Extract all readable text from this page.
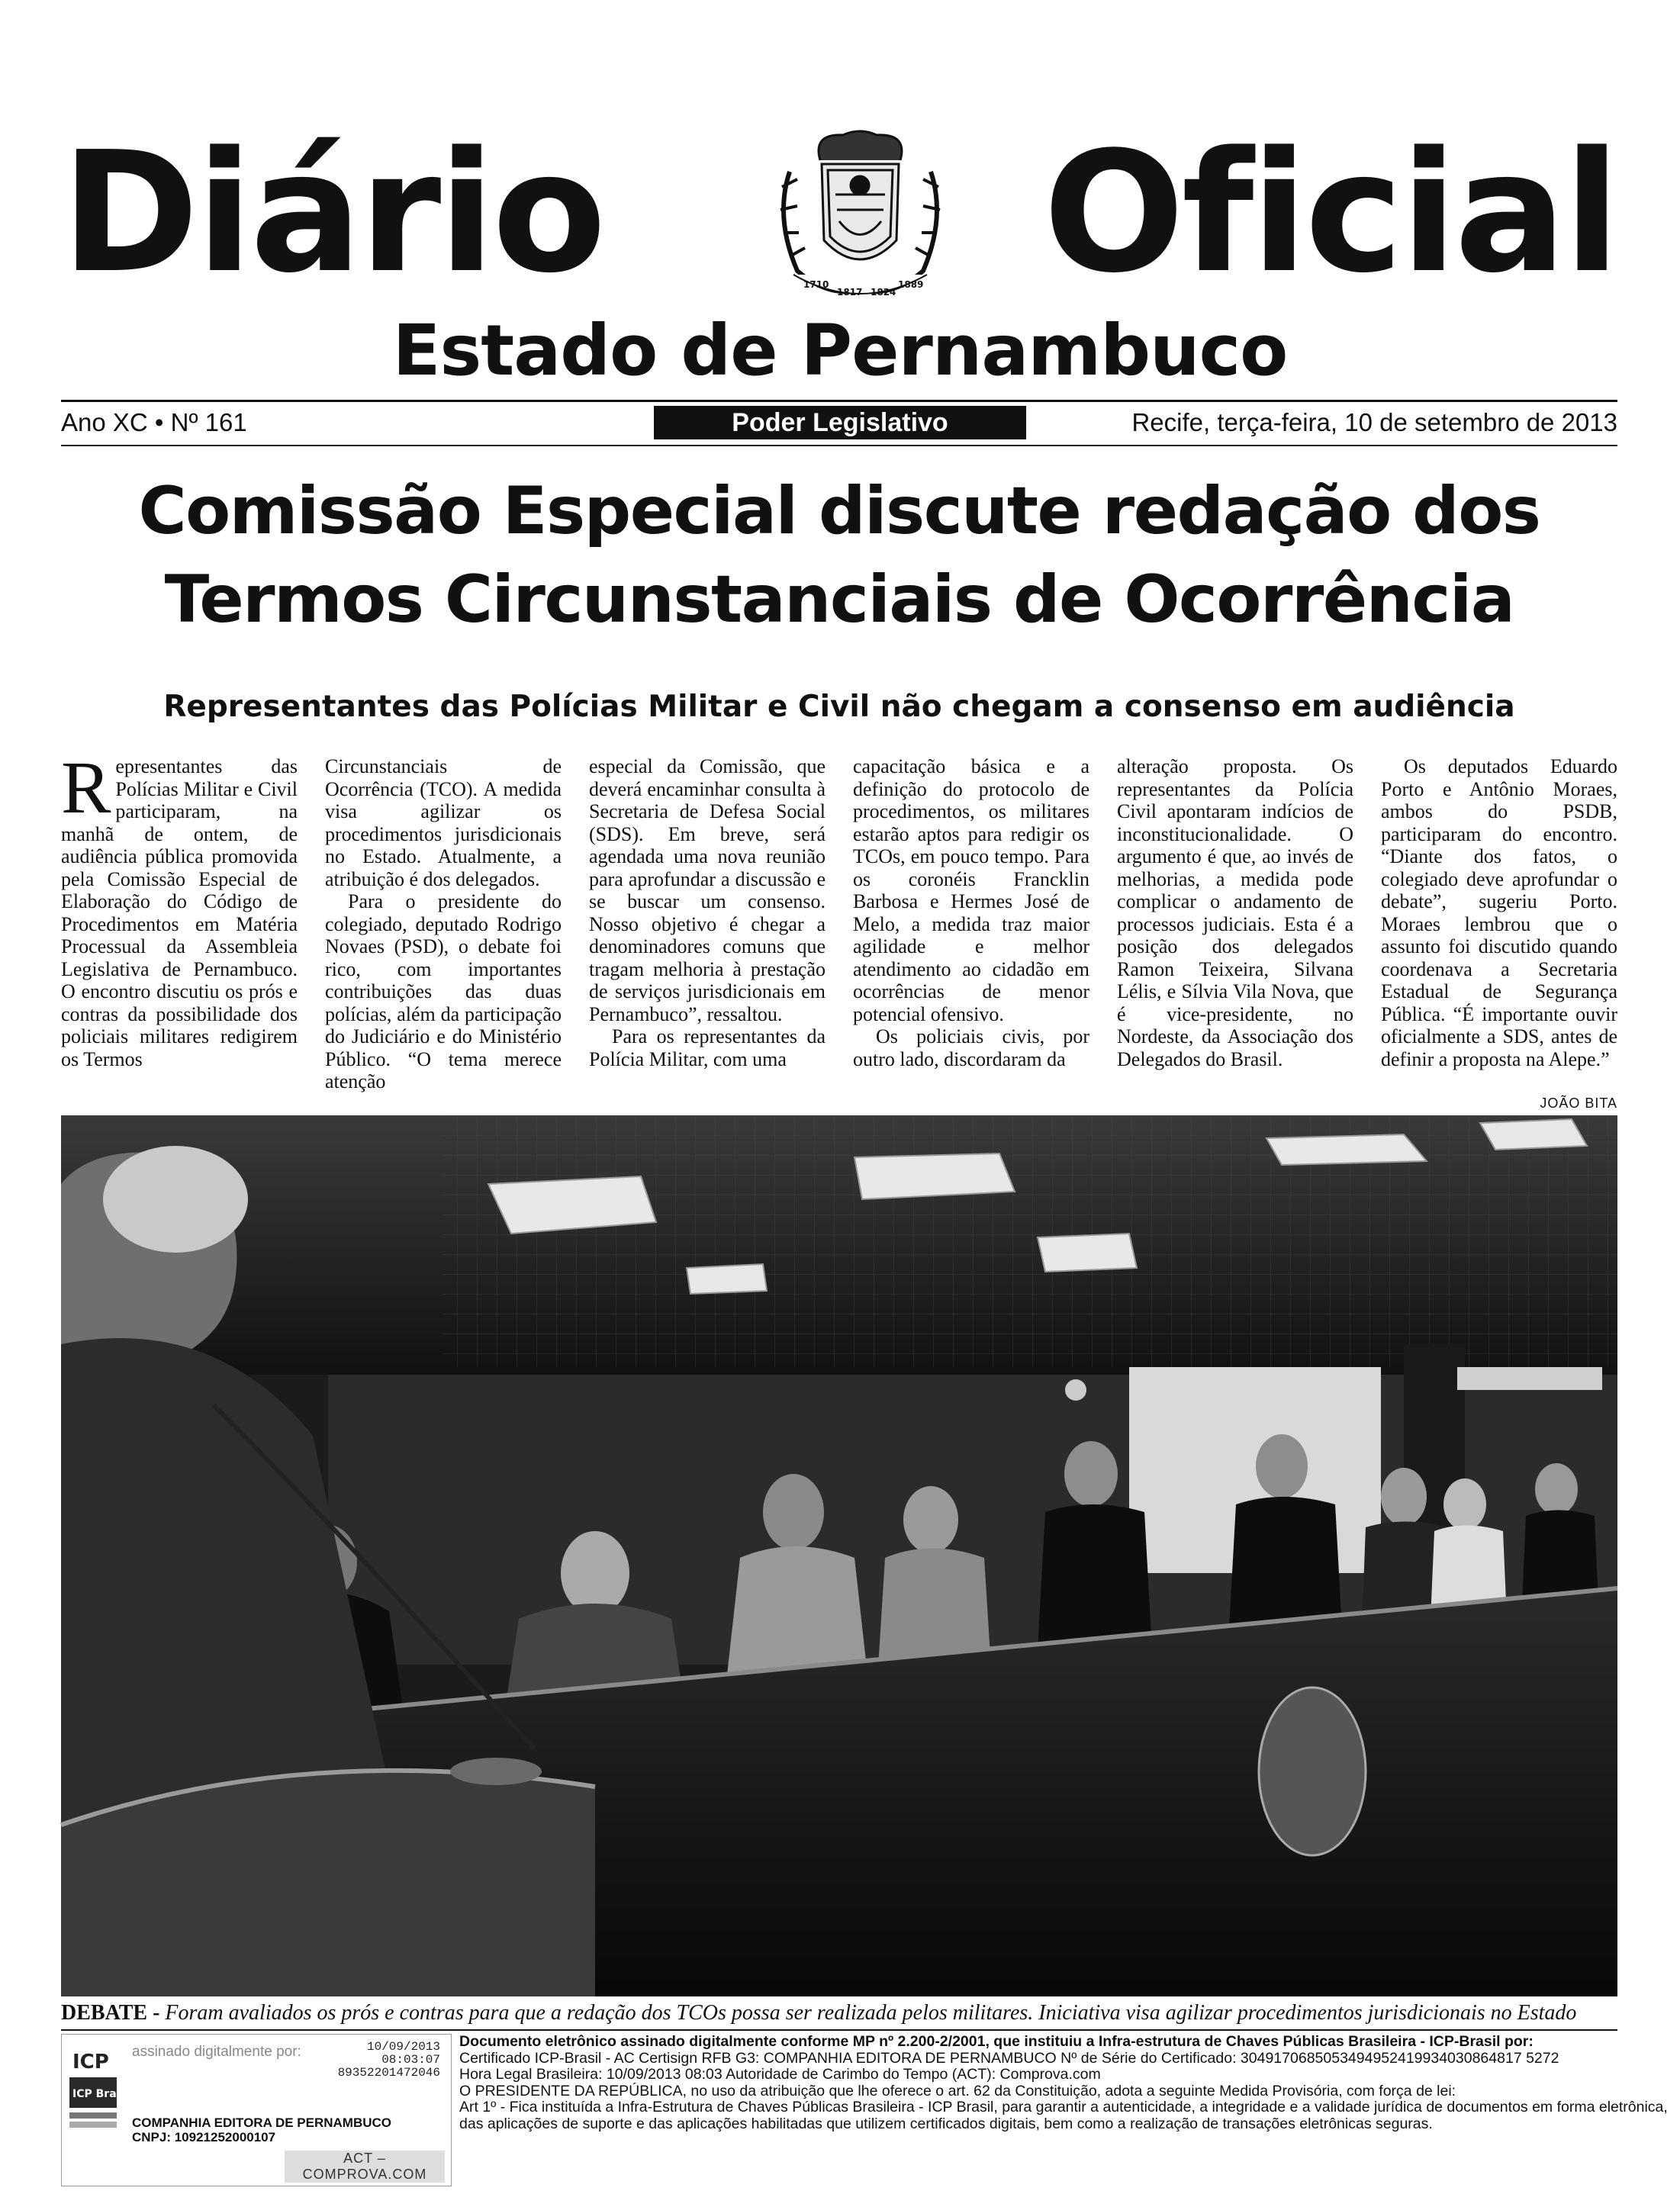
Diário	1710
1817 1824
1889 Oficial
Estado de Pernambuco
Ano XC • Nº 161	Poder Legislativo	Recife, terça-feira, 10 de setembro de 2013
Comissão Especial discute redação dos
Termos Circunstanciais de Ocorrência
Representantes das Polícias Militar e Civil não chegam a consenso em audiência

Representantes das Polícias Militar e Civil participaram, na manhã de ontem, de audiência pública promovida pela Comissão Especial de Elaboração do Código de Procedimentos em Matéria Processual da Assembleia Legislativa de Pernambuco. O encontro discutiu os prós e contras da possibilidade dos policiais militares redigirem os Termos

Circunstanciais de Ocorrência (TCO). A medida visa agilizar os procedimentos jurisdicionais no Estado. Atualmente, a atribuição é dos delegados.

Para o presidente do colegiado, deputado Rodrigo Novaes (PSD), o debate foi rico, com importantes contribuições das duas polícias, além da participação do Judiciário e do Ministério Público. “O tema merece atenção

especial da Comissão, que deverá encaminhar consulta à Secretaria de Defesa Social (SDS). Em breve, será agendada uma nova reunião para aprofundar a discussão e se buscar um consenso. Nosso objetivo é chegar a denominadores comuns que tragam melhoria à prestação de serviços jurisdicionais em Pernambuco”, ressaltou.

Para os representantes da Polícia Militar, com uma

capacitação básica e a definição do protocolo de procedimentos, os militares estarão aptos para redigir os TCOs, em pouco tempo. Para os coronéis Francklin Barbosa e Hermes José de Melo, a medida traz maior agilidade e melhor atendimento ao cidadão em ocorrências de menor potencial ofensivo.

Os policiais civis, por outro lado, discordaram da

alteração proposta. Os representantes da Polícia Civil apontaram indícios de inconstitucionalidade. O argumento é que, ao invés de melhorias, a medida pode complicar o andamento de processos judiciais. Esta é a posição dos delegados Ramon Teixeira, Silvana Lélis, e Sílvia Vila Nova, que é vice-presidente, no Nordeste, da Associação dos Delegados do Brasil.

Os deputados Eduardo Porto e Antônio Moraes, ambos do PSDB, participaram do encontro. “Diante dos fatos, o colegiado deve aprofundar o debate”, sugeriu Porto. Moraes lembrou que o assunto foi discutido quando coordenava a Secretaria Estadual de Segurança Pública. “É importante ouvir oficialmente a SDS, antes de definir a proposta na Alepe.”

JOÃO BITA
DEBATE - Foram avaliados os prós e contras para que a redação dos TCOs possa ser realizada pelos militares. Iniciativa visa agilizar procedimentos jurisdicionais no Estado
ICP
ICP Brasil
assinado digitalmente por:	10/09/2013
08:03:07
89352201472046
COMPANHIA EDITORA DE PERNAMBUCO
CNPJ: 10921252000107
ACT – COMPROVA.COM
Documento eletrônico assinado digitalmente conforme MP nº 2.200-2/2001, que instituiu a Infra-estrutura de Chaves Públicas Brasileira - ICP-Brasil por:
Certificado ICP-Brasil - AC Certisign RFB G3: COMPANHIA EDITORA DE PERNAMBUCO Nº de Série do Certificado: 3049170685053494952419934030864817 5272
Hora Legal Brasileira: 10/09/2013 08:03 Autoridade de Carimbo do Tempo (ACT): Comprova.com
O PRESIDENTE DA REPÚBLICA, no uso da atribuição que lhe oferece o art. 62 da Constituição, adota a seguinte Medida Provisória, com força de lei:
Art 1º - Fica instituída a Infra-Estrutura de Chaves Públicas Brasileira - ICP Brasil, para garantir a autenticidade, a integridade e a validade jurídica de documentos em forma eletrônica,
das aplicações de suporte e das aplicações habilitadas que utilizem certificados digitais, bem como a realização de transações eletrônicas seguras.
